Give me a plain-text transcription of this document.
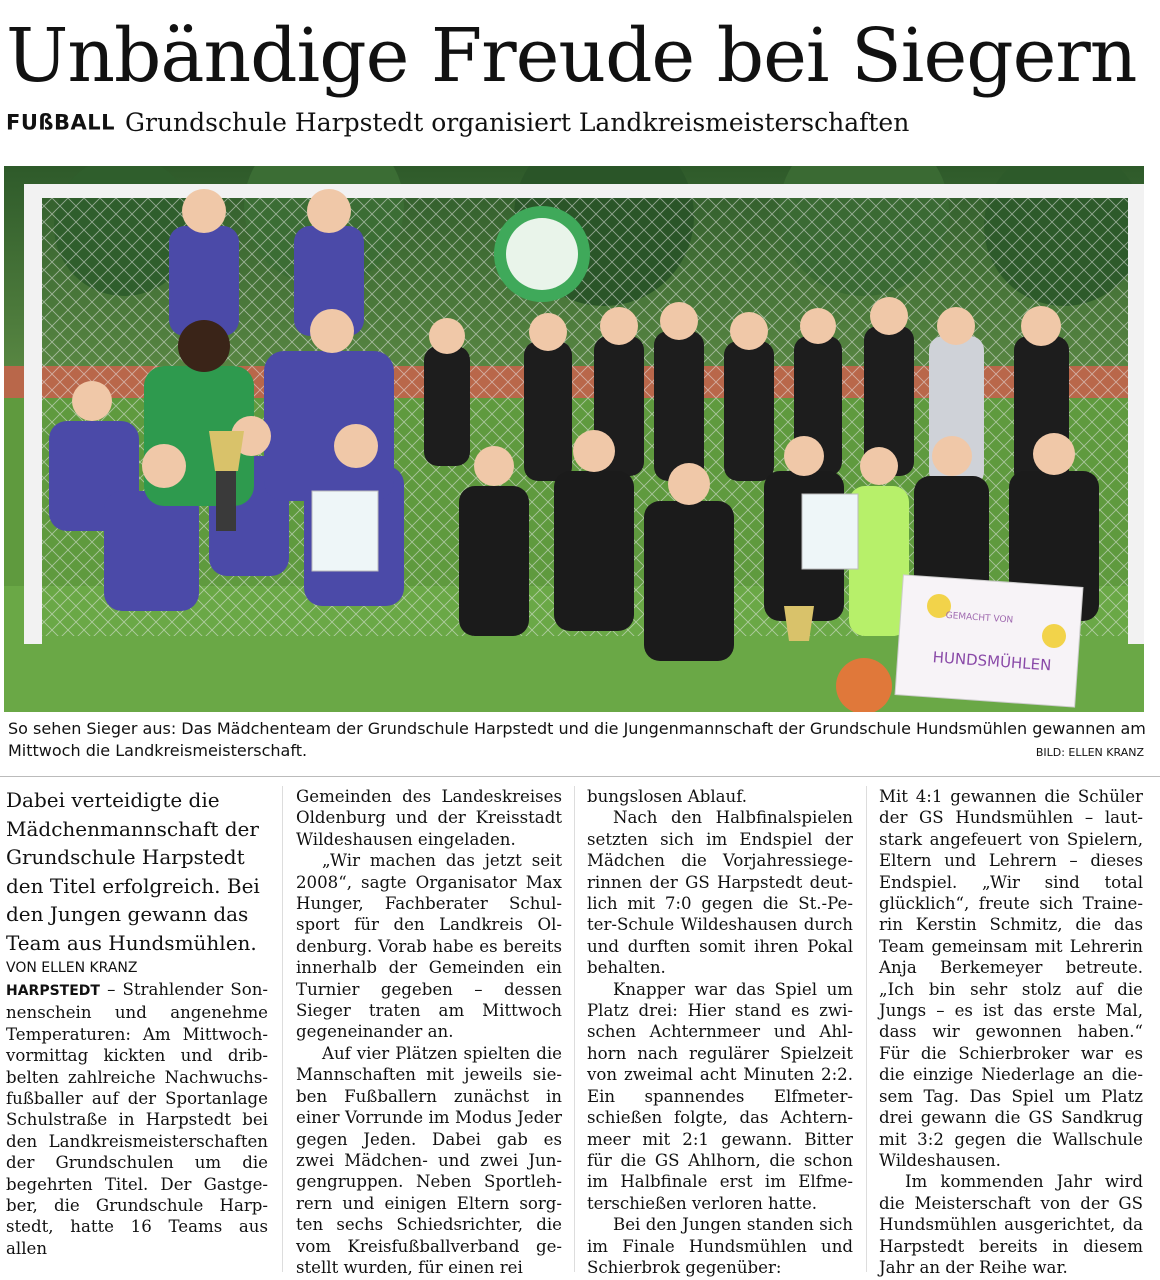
Unbändige Freude bei Siegern
FUßBALL Grundschule Harpstedt organisiert Landkreismeisterschaften
HUNDSMÜHLEN
GEMACHT VON
So sehen Sieger aus: Das Mädchenteam der Grundschule Harpstedt und die Jungenmannschaft der Grundschule Hundsmühlen gewannen am Mittwoch die Landkreismeisterschaft.	BILD: ELLEN KRANZ

Dabei verteidigte die Mädchenmannschaft der Grundschule Harpstedt den Titel erfolgreich. Bei den Jungen gewann das Team aus Hundsmühlen.

VON ELLEN KRANZ

HARPSTEDT – Strahlender Sonnenschein und angenehme Temperaturen: Am Mittwochvormittag kickten und dribbelten zahlreiche Nachwuchsfußballer auf der Sportanlage Schulstraße in Harpstedt bei den Landkreismeisterschaften der Grundschulen um die begehrten Titel. Der Gastgeber, die Grundschule Harpstedt, hatte 16 Teams aus allen

Gemeinden des Landeskreises Oldenburg und der Kreisstadt Wildeshausen eingeladen.

„Wir machen das jetzt seit 2008“, sagte Organisator Max Hunger, Fachberater Schulsport für den Landkreis Oldenburg. Vorab habe es bereits innerhalb der Gemeinden ein Turnier gegeben – dessen Sieger traten am Mittwoch gegeneinander an.

Auf vier Plätzen spielten die Mannschaften mit jeweils sieben Fußballern zunächst in einer Vorrunde im Modus Jeder gegen Jeden. Dabei gab es zwei Mädchen- und zwei Jungengruppen. Neben Sportlehrern und einigen Eltern sorgten sechs Schiedsrichter, die vom Kreisfußballverband gestellt wurden, für einen rei

bungslosen Ablauf.

Nach den Halbfinalspielen setzten sich im Endspiel der Mädchen die Vorjahressiegerinnen der GS Harpstedt deutlich mit 7:0 gegen die St.-Peter-Schule Wildeshausen durch und durften somit ihren Pokal behalten.

Knapper war das Spiel um Platz drei: Hier stand es zwischen Achternmeer und Ahlhorn nach regulärer Spielzeit von zweimal acht Minuten 2:2. Ein spannendes Elfmeterschießen folgte, das Achternmeer mit 2:1 gewann. Bitter für die GS Ahlhorn, die schon im Halbfinale erst im Elfmeterschießen verloren hatte.

Bei den Jungen standen sich im Finale Hundsmühlen und Schierbrok gegenüber:

Mit 4:1 gewannen die Schüler der GS Hundsmühlen – lautstark angefeuert von Spielern, Eltern und Lehrern – dieses Endspiel. „Wir sind total glücklich“, freute sich Trainerin Kerstin Schmitz, die das Team gemeinsam mit Lehrerin Anja Berkemeyer betreute. „Ich bin sehr stolz auf die Jungs – es ist das erste Mal, dass wir gewonnen haben.“ Für die Schierbroker war es die einzige Niederlage an diesem Tag. Das Spiel um Platz drei gewann die GS Sandkrug mit 3:2 gegen die Wallschule Wildeshausen.

Im kommenden Jahr wird die Meisterschaft von der GS Hundsmühlen ausgerichtet, da Harpstedt bereits in diesem Jahr an der Reihe war.
